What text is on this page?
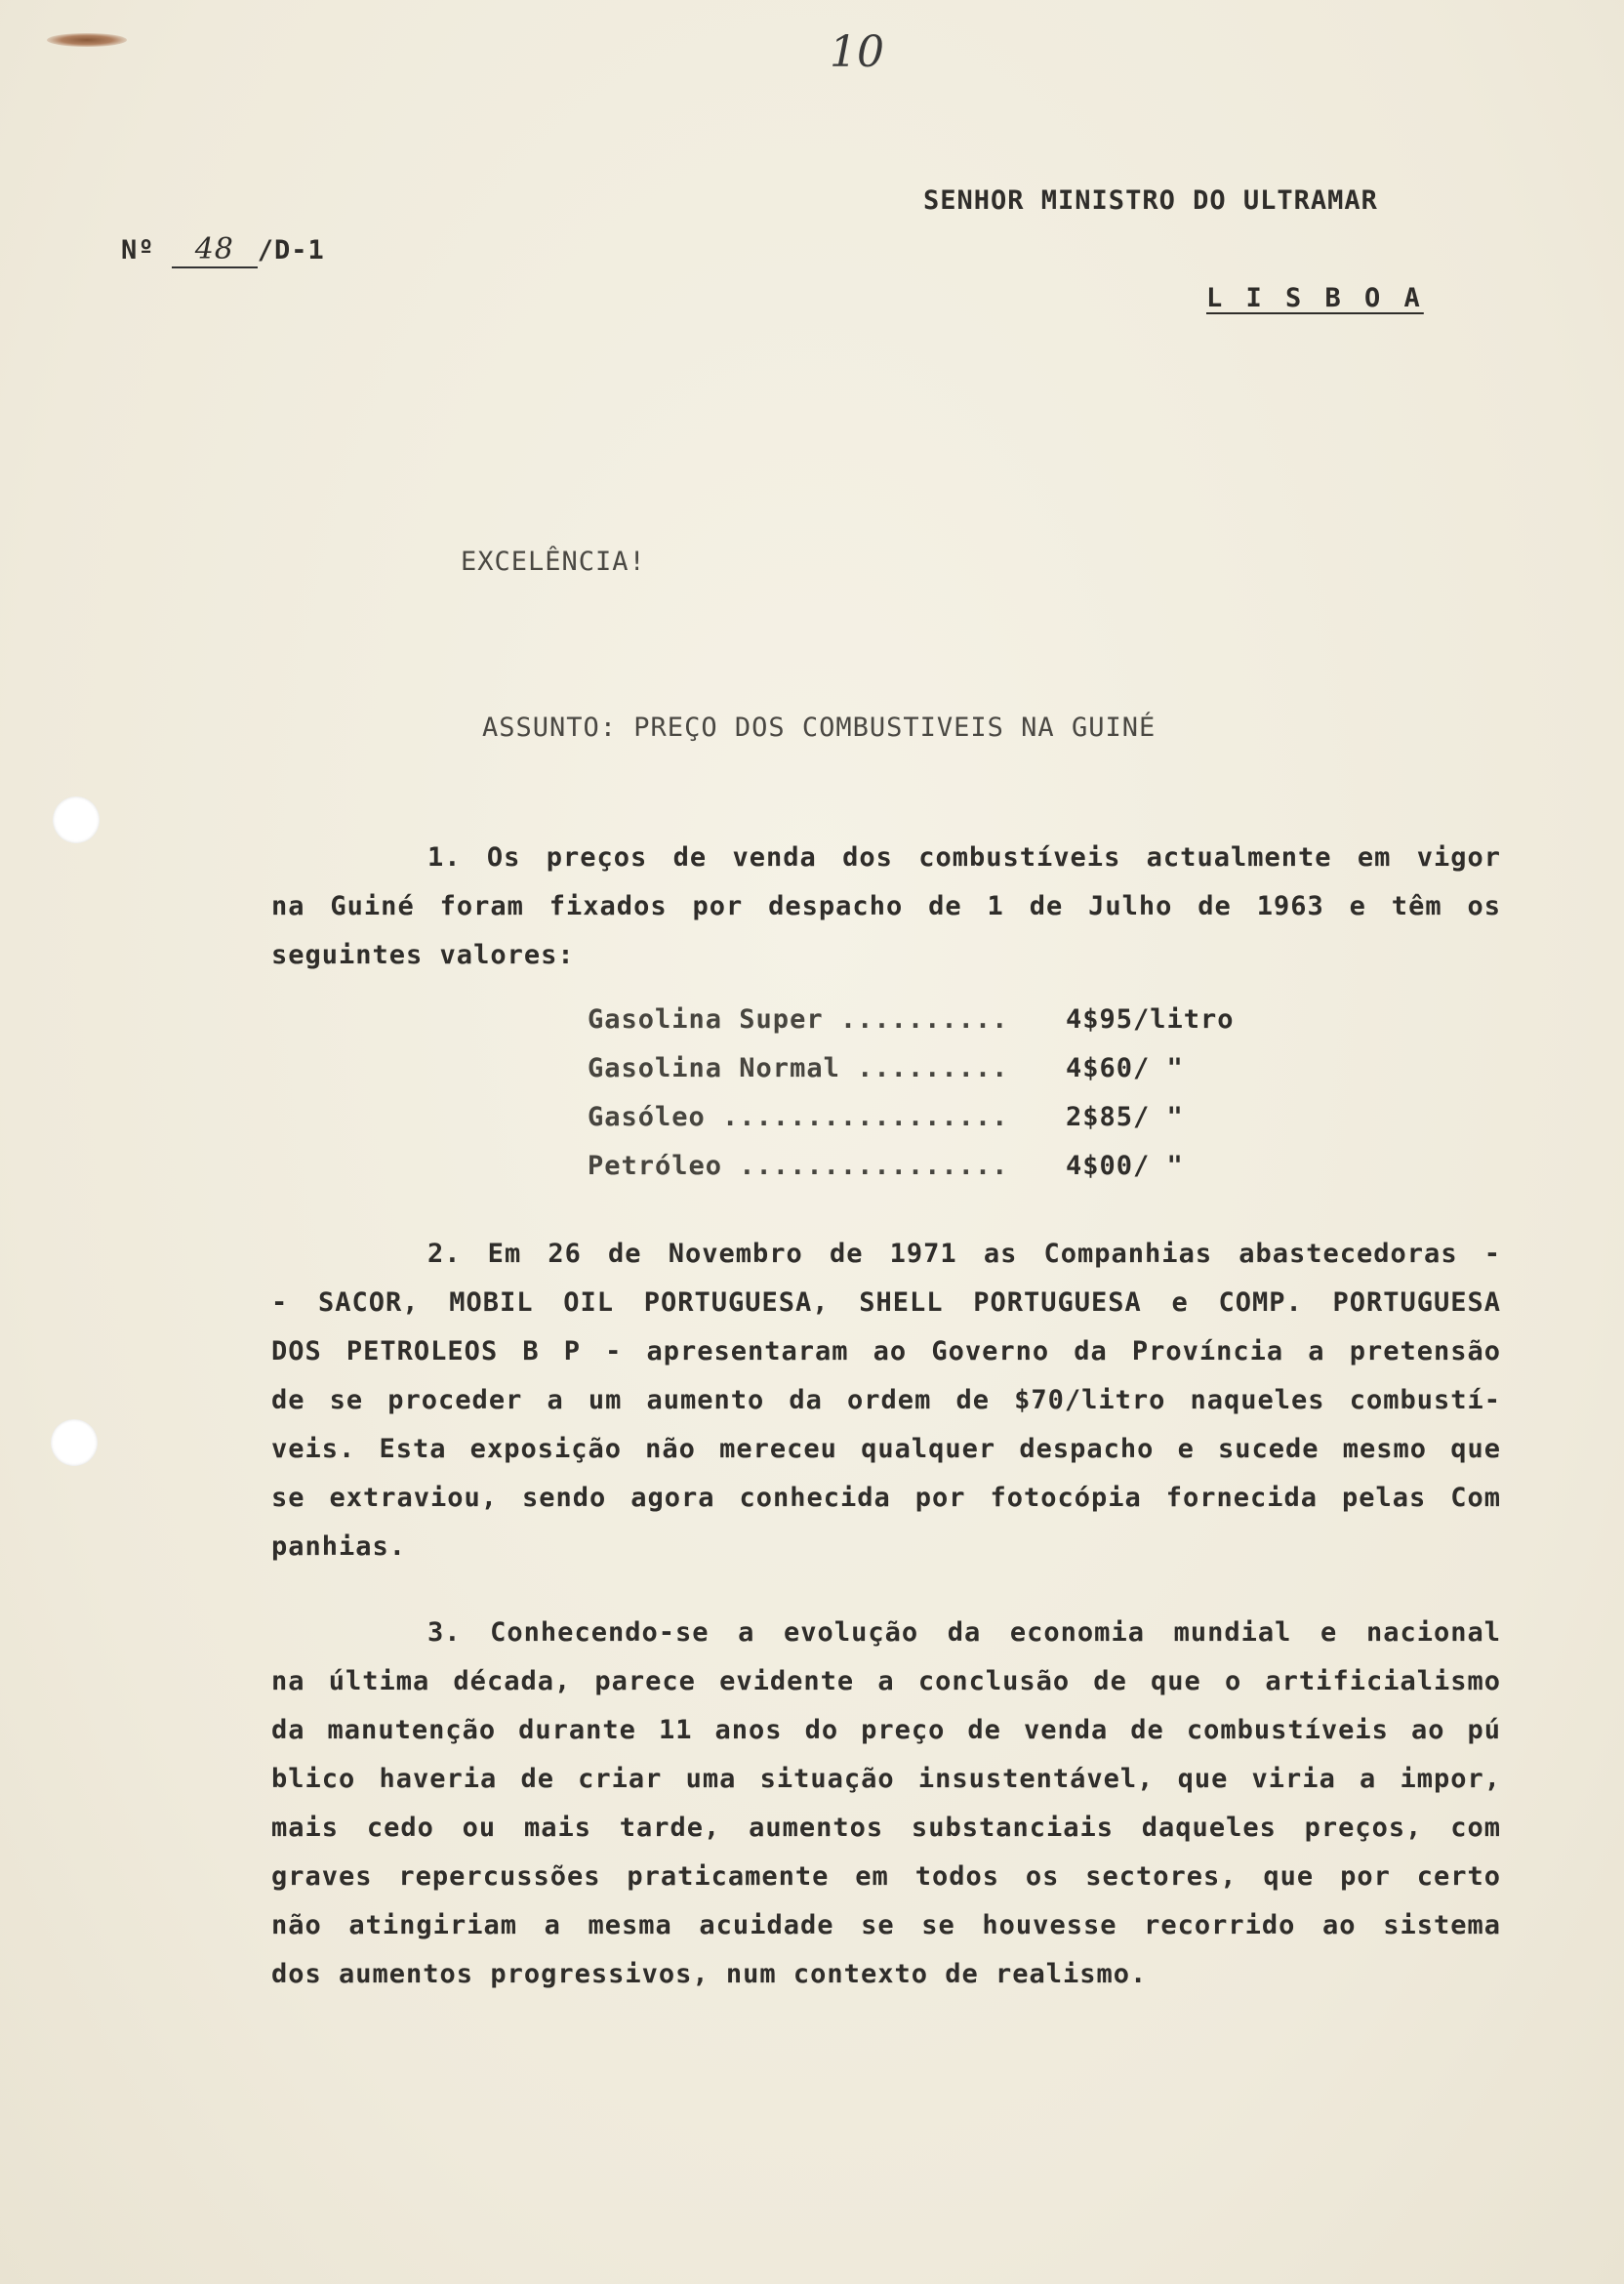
10
Nº 48 /D-1
SENHOR MINISTRO DO ULTRAMAR
L I S B O A
EXCELÊNCIA!
ASSUNTO: PREÇO DOS COMBUSTIVEIS NA GUINÉ
1. Os preços de venda dos combustíveis actualmente em vigor
na Guiné foram fixados por despacho de 1 de Julho de 1963 e têm os
seguintes valores:
Gasolina Super ..........	4$95/litro
Gasolina Normal .........	4$60/ "
Gasóleo .................	2$85/ "
Petróleo ................	4$00/ "
2. Em 26 de Novembro de 1971 as Companhias abastecedoras -
- SACOR, MOBIL OIL PORTUGUESA, SHELL PORTUGUESA e COMP. PORTUGUESA
DOS PETROLEOS B P - apresentaram ao Governo da Província a pretensão
de se proceder a um aumento da ordem de $70/litro naqueles combustí-
veis. Esta exposição não mereceu qualquer despacho e sucede mesmo que
se extraviou, sendo agora conhecida por fotocópia fornecida pelas Com
panhias.
3. Conhecendo-se a evolução da economia mundial e nacional
na última década, parece evidente a conclusão de que o artificialismo
da manutenção durante 11 anos do preço de venda de combustíveis ao pú
blico haveria de criar uma situação insustentável, que viria a impor,
mais cedo ou mais tarde, aumentos substanciais daqueles preços, com
graves repercussões praticamente em todos os sectores, que por certo
não atingiriam a mesma acuidade se se houvesse recorrido ao sistema
dos aumentos progressivos, num contexto de realismo.
